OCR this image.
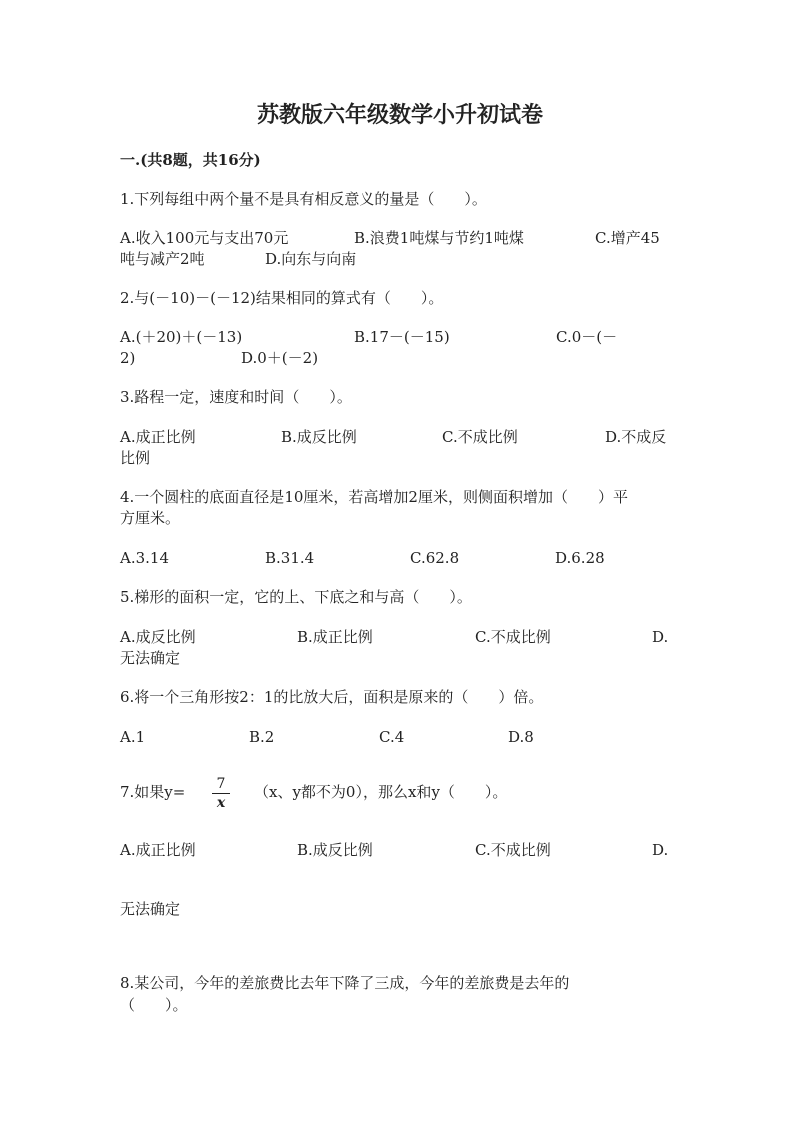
苏教版六年级数学小升初试卷
一.(共8题，共16分)
1.下列每组中两个量不是具有相反意义的量是（　　）。
A.收入100元与支出70元	B.浪费1吨煤与节约1吨煤	C.增产45
吨与减产2吨	D.向东与向南
2.与(－10)－(－12)结果相同的算式有（　　）。
A.(＋20)＋(－13)	B.17－(－15)	C.0－(－
2)	D.0＋(－2)
3.路程一定，速度和时间（　　）。
A.成正比例	B.成反比例	C.不成比例	D.不成反
比例
4.一个圆柱的底面直径是10厘米，若高增加2厘米，则侧面积增加（　　）平
方厘米。
A.3.14	B.31.4	C.62.8	D.6.28
5.梯形的面积一定，它的上、下底之和与高（　　）。
A.成反比例	B.成正比例	C.不成比例	D.
无法确定
6.将一个三角形按2：1的比放大后，面积是原来的（　　）倍。
A.1	B.2	C.4	D.8
7.如果y=	7
x
（x、y都不为0），那么x和y（　　）。
A.成正比例	B.成反比例	C.不成比例	D.
无法确定
8.某公司，今年的差旅费比去年下降了三成，今年的差旅费是去年的
（　　）。
